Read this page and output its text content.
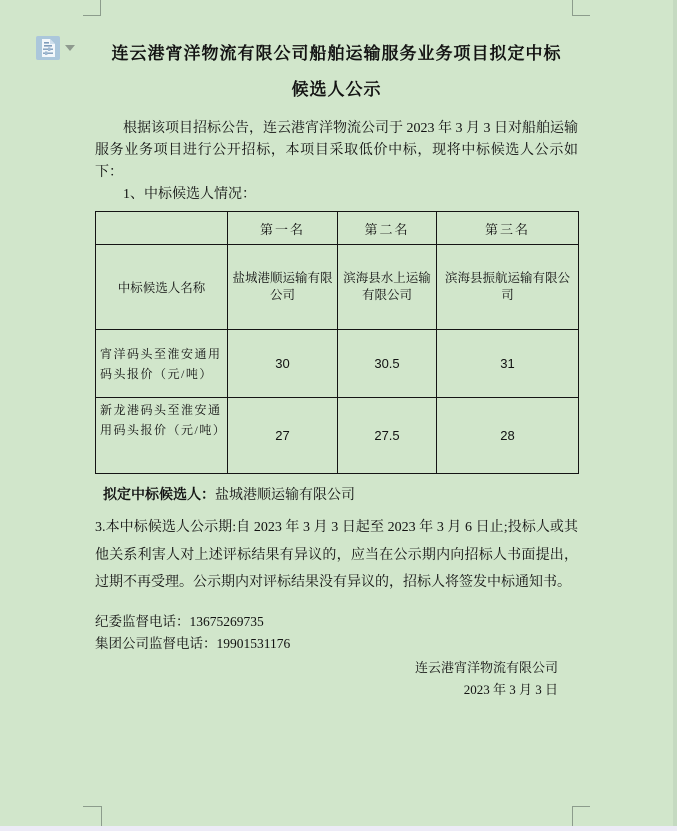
连云港宵洋物流有限公司船舶运输服务业务项目拟定中标
候选人公示

根据该项目招标公告，连云港宵洋物流公司于 2023 年 3 月 3 日对船舶运输服务业务项目进行公开招标，本项目采取低价中标，现将中标候选人公示如下：

1、中标候选人情况：

	第一名	第二名	第三名
中标候选人名称	盐城港顺运输有限公司	滨海县水上运输有限公司	滨海县振航运输有限公司
宵洋码头至淮安通用码头报价（元/吨）	30	30.5	31
新龙港码头至淮安通用码头报价（元/吨）	27	27.5	28
拟定中标候选人：盐城港顺运输有限公司

3.本中标候选人公示期:自 2023 年 3 月 3 日起至 2023 年 3 月 6 日止;投标人或其他关系利害人对上述评标结果有异议的，应当在公示期内向招标人书面提出，过期不再受理。公示期内对评标结果没有异议的，招标人将签发中标通知书。

纪委监督电话：13675269735

集团公司监督电话：19901531176

连云港宵洋物流有限公司

2023 年 3 月 3 日
